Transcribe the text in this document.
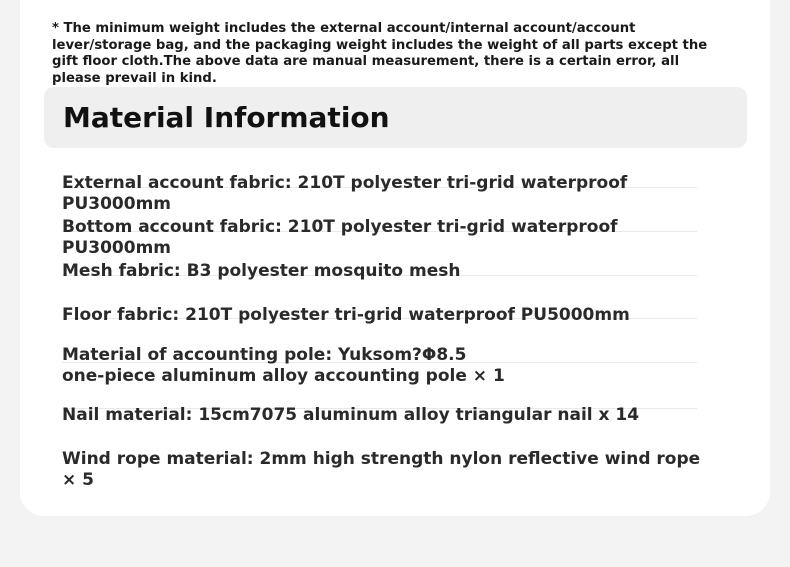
* The minimum weight includes the external account/internal account/account lever/storage bag, and the packaging weight includes the weight of all parts except the gift floor cloth.The above data are manual measurement, there is a certain error, all please prevail in kind.

Material Information
External account fabric: 210T polyester tri-grid waterproof PU3000mm
Bottom account fabric: 210T polyester tri-grid waterproof PU3000mm
Mesh fabric: B3 polyester mosquito mesh
Floor fabric: 210T polyester tri-grid waterproof PU5000mm
Material of accounting pole: Yuksom?Φ8.5
one-piece aluminum alloy accounting pole × 1
Nail material: 15cm7075 aluminum alloy triangular nail x 14
Wind rope material: 2mm high strength nylon reflective wind rope × 5
